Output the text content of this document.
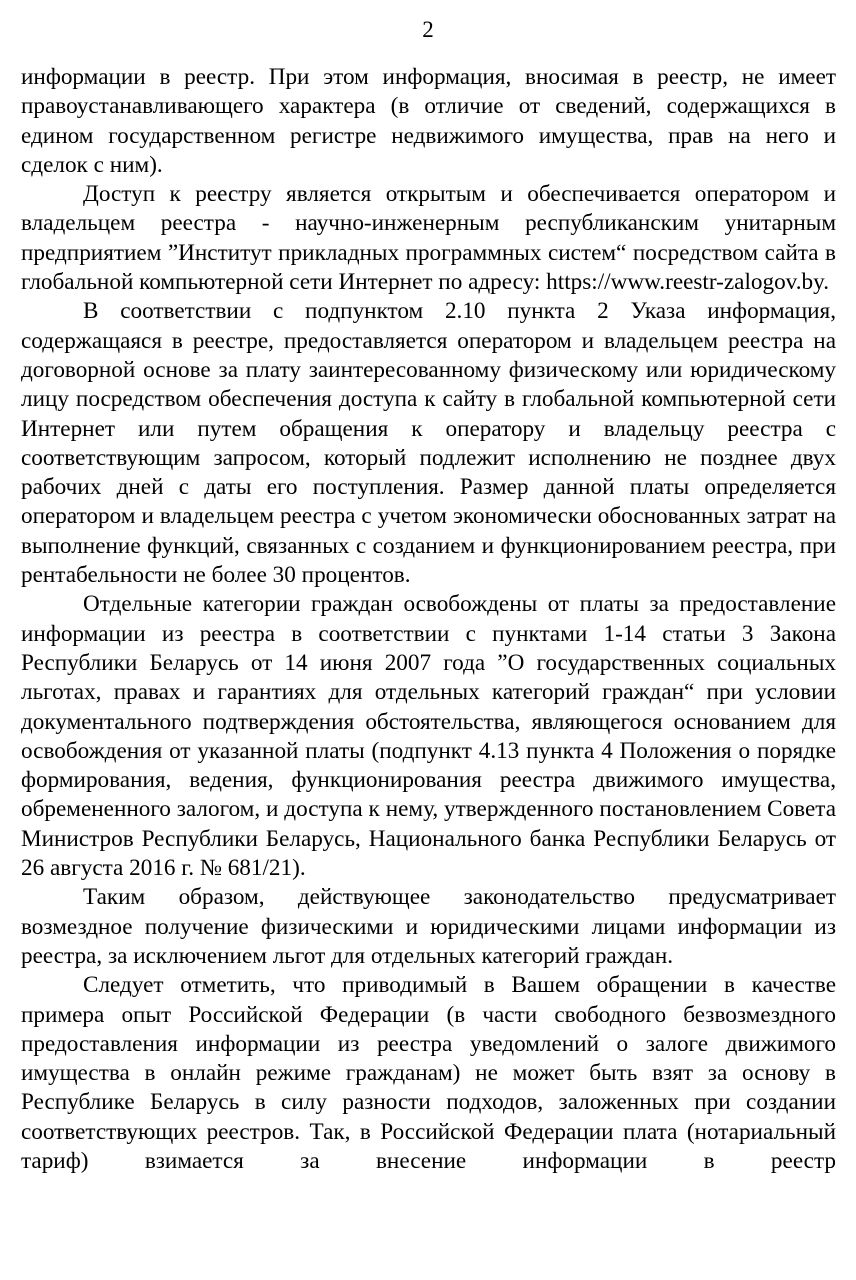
2

информации в реестр. При этом информация, вносимая в реестр, не имеет правоустанавливающего характера (в отличие от сведений, содержащихся в едином государственном регистре недвижимого имущества, прав на него и сделок с ним).

Доступ к реестру является открытым и обеспечивается оператором и владельцем реестра - научно-инженерным республиканским унитарным предприятием ”Институт прикладных программных систем“ посредством сайта в глобальной компьютерной сети Интернет по адресу: https://www.reestr-zalogov.by.

В соответствии с подпунктом 2.10 пункта 2 Указа информация, содержащаяся в реестре, предоставляется оператором и владельцем реестра на договорной основе за плату заинтересованному физическому или юридическому лицу посредством обеспечения доступа к сайту в глобальной компьютерной сети Интернет или путем обращения к оператору и владельцу реестра с соответствующим запросом, который подлежит исполнению не позднее двух рабочих дней с даты его поступления. Размер данной платы определяется оператором и владельцем реестра с учетом экономически обоснованных затрат на выполнение функций, связанных с созданием и функционированием реестра, при рентабельности не более 30 процентов.

Отдельные категории граждан освобождены от платы за предоставление информации из реестра в соответствии с пунктами 1-14 статьи 3 Закона Республики Беларусь от 14 июня 2007 года ”О государственных социальных льготах, правах и гарантиях для отдельных категорий граждан“ при условии документального подтверждения обстоятельства, являющегося основанием для освобождения от указанной платы (подпункт 4.13 пункта 4 Положения о порядке формирования, ведения, функционирования реестра движимого имущества, обремененного залогом, и доступа к нему, утвержденного постановлением Совета Министров Республики Беларусь, Национального банка Республики Беларусь от 26 августа 2016 г. № 681/21).

Таким образом, действующее законодательство предусматривает возмездное получение физическими и юридическими лицами информации из реестра, за исключением льгот для отдельных категорий граждан.

Следует отметить, что приводимый в Вашем обращении в качестве примера опыт Российской Федерации (в части свободного безвозмездного предоставления информации из реестра уведомлений о залоге движимого имущества в онлайн режиме гражданам) не может быть взят за основу в Республике Беларусь в силу разности подходов, заложенных при создании соответствующих реестров. Так, в Российской Федерации плата (нотариальный тариф) взимается за внесение информации в реестр
